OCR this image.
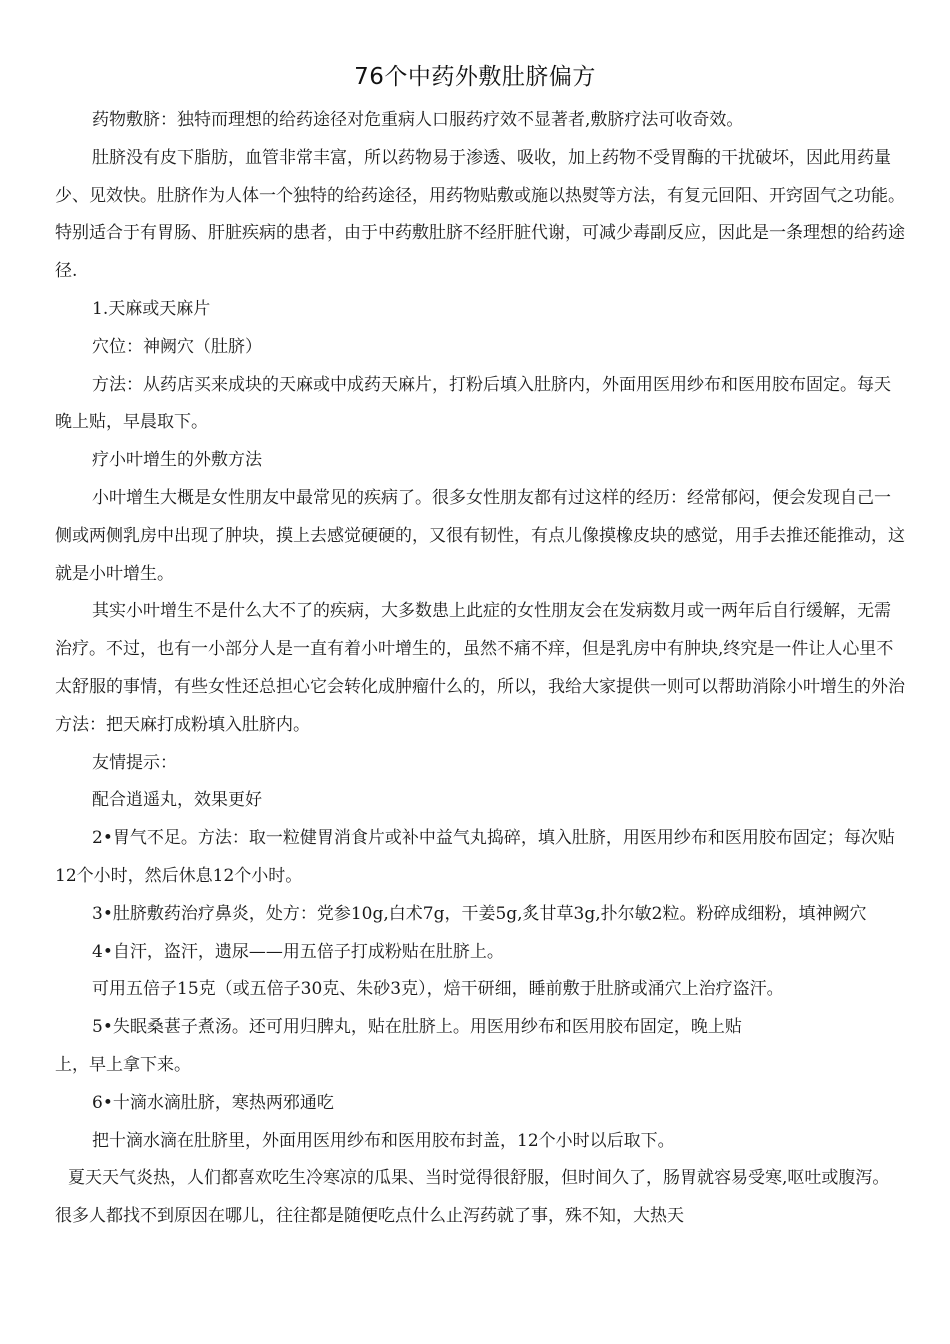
76个中药外敷肚脐偏方

药物敷脐：独特而理想的给药途径对危重病人口服药疗效不显著者,敷脐疗法可收奇效。

肚脐没有皮下脂肪，血管非常丰富，所以药物易于渗透、吸收，加上药物不受胃酶的干扰破坏，因此用药量少、见效快。肚脐作为人体一个独特的给药途径，用药物贴敷或施以热熨等方法，有复元回阳、开窍固气之功能。特别适合于有胃肠、肝脏疾病的患者，由于中药敷肚脐不经肝脏代谢，可减少毒副反应，因此是一条理想的给药途径.

1.天麻或天麻片

穴位：神阙穴（肚脐）

方法：从药店买来成块的天麻或中成药天麻片，打粉后填入肚脐内，外面用医用纱布和医用胶布固定。每天晚上贴，早晨取下。

疗小叶增生的外敷方法

小叶增生大概是女性朋友中最常见的疾病了。很多女性朋友都有过这样的经历：经常郁闷，便会发现自己一侧或两侧乳房中出现了肿块，摸上去感觉硬硬的，又很有韧性，有点儿像摸橡皮块的感觉，用手去推还能推动，这就是小叶增生。

其实小叶增生不是什么大不了的疾病，大多数患上此症的女性朋友会在发病数月或一两年后自行缓解，无需治疗。不过，也有一小部分人是一直有着小叶增生的，虽然不痛不痒，但是乳房中有肿块,终究是一件让人心里不太舒服的事情，有些女性还总担心它会转化成肿瘤什么的，所以，我给大家提供一则可以帮助消除小叶增生的外治方法：把天麻打成粉填入肚脐内。

友情提示：

配合逍遥丸，效果更好

2•胃气不足。方法：取一粒健胃消食片或补中益气丸捣碎，填入肚脐，用医用纱布和医用胶布固定；每次贴12个小时，然后休息12个小时。

3•肚脐敷药治疗鼻炎，处方：党参10g,白术7g，干姜5g,炙甘草3g,扑尔敏2粒。粉碎成细粉，填神阙穴

4•自汗，盗汗，遗尿——用五倍子打成粉贴在肚脐上。

可用五倍子15克（或五倍子30克、朱砂3克），焙干研细，睡前敷于肚脐或涌穴上治疗盗汗。

5•失眠桑葚子煮汤。还可用归脾丸，贴在肚脐上。用医用纱布和医用胶布固定，晚上贴

上，早上拿下来。

6•十滴水滴肚脐，寒热两邪通吃

把十滴水滴在肚脐里，外面用医用纱布和医用胶布封盖，12个小时以后取下。

夏天天气炎热，人们都喜欢吃生冷寒凉的瓜果、当时觉得很舒服，但时间久了，肠胃就容易受寒,呕吐或腹泻。很多人都找不到原因在哪儿，往往都是随便吃点什么止泻药就了事，殊不知，大热天
